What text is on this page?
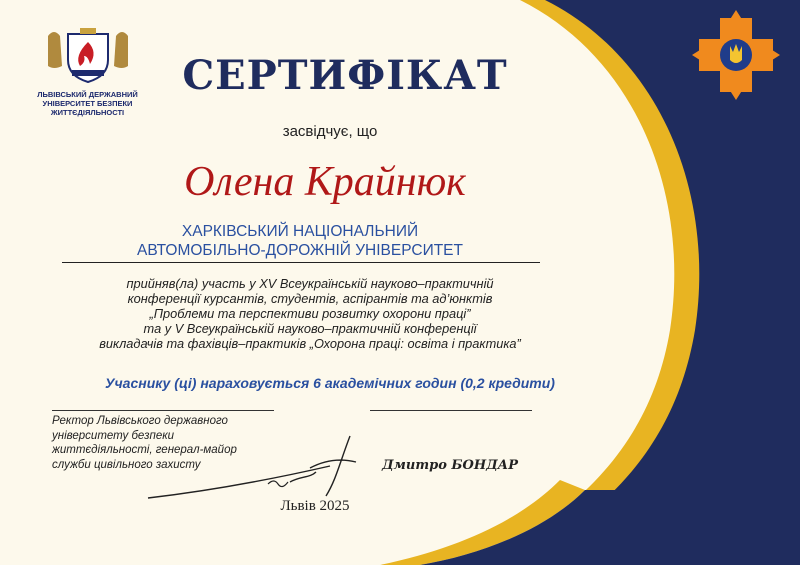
ЛЬВІВСЬКИЙ ДЕРЖАВНИЙ УНІВЕРСИТЕТ БЕЗПЕКИ ЖИТТЄДІЯЛЬНОСТІ
СЕРТИФІКАТ
засвідчує, що
Олена Крайнюк
ХАРКІВСЬКИЙ НАЦІОНАЛЬНИЙ
АВТОМОБІЛЬНО-ДОРОЖНІЙ УНІВЕРСИТЕТ
прийняв(ла) участь у XV Всеукраїнській науково–практичній
конференції курсантів, студентів, аспірантів та ад’юнктів
„Проблеми та перспективи розвитку охорони праці”
та у V Всеукраїнській науково–практичній конференції
викладачів та фахівців–практиків „Охорона праці: освіта і практика”
Учаснику (ці) нараховується 6 академічних годин (0,2 кредити)
Ректор Львівського державного
університету безпеки
життєдіяльності, генерал-майор
служби цивільного захисту	Дмитро БОНДАР
Львів 2025
